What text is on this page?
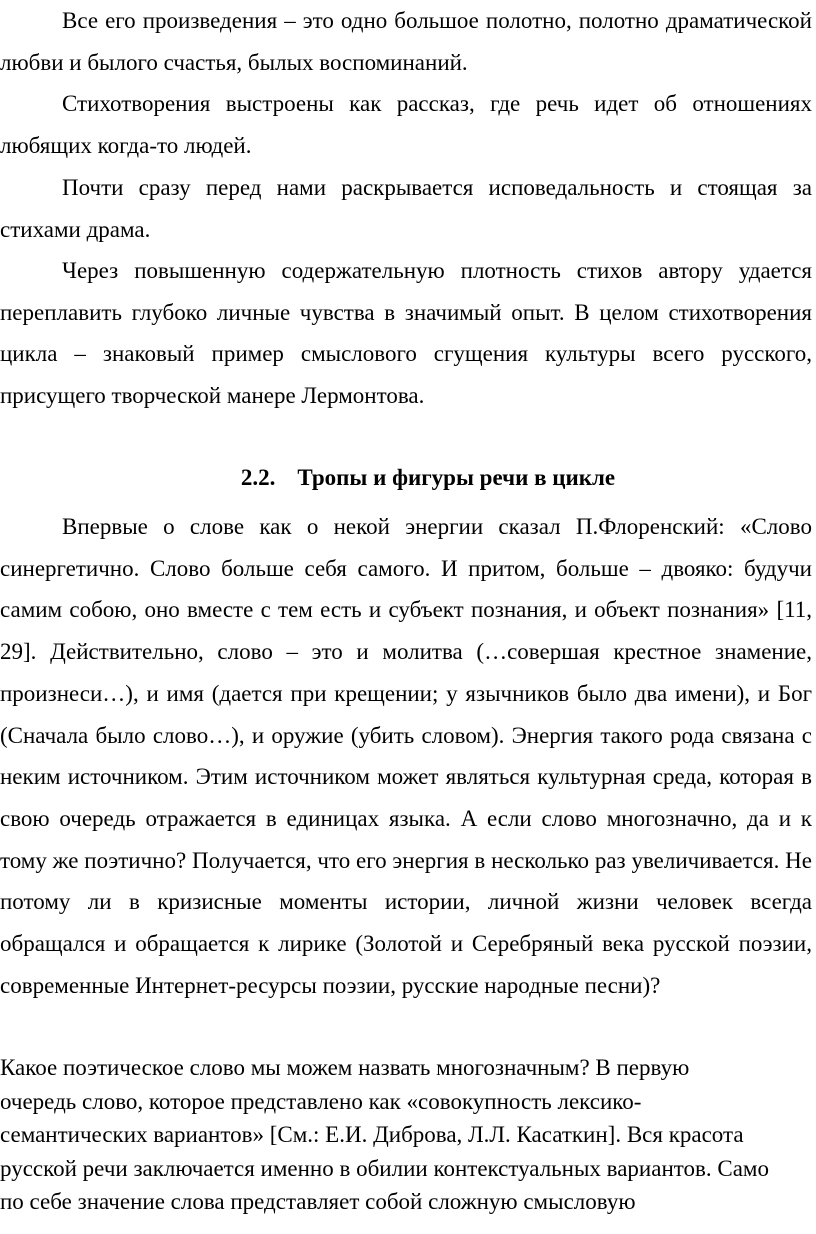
Все его произведения – это одно большое полотно, полотно драматической любви и былого счастья, былых воспоминаний.

Стихотворения выстроены как рассказ, где речь идет об отношениях любящих когда-то людей.

Почти сразу перед нами раскрывается исповедальность и стоящая за стихами драма.

Через повышенную содержательную плотность стихов автору удается переплавить глубоко личные чувства в значимый опыт. В целом стихотворения цикла – знаковый пример смыслового сгущения культуры всего русского, присущего творческой манере Лермонтова.

2.2. Тропы и фигуры речи в цикле

Впервые о слове как о некой энергии сказал П.Флоренский: «Слово синергетично. Слово больше себя самого. И притом, больше – двояко: будучи самим собою, оно вместе с тем есть и субъект познания, и объект познания» [11, 29]. Действительно, слово – это и молитва (…совершая крестное знамение, произнеси…), и имя (дается при крещении; у язычников было два имени), и Бог (Сначала было слово…), и оружие (убить словом). Энергия такого рода связана с неким источником. Этим источником может являться культурная среда, которая в свою очередь отражается в единицах языка. А если слово многозначно, да и к тому же поэтично? Получается, что его энергия в несколько раз увеличивается. Не потому ли в кризисные моменты истории, личной жизни человек всегда обращался и обращается к лирике (Золотой и Серебряный века русской поэзии, современные Интернет-ресурсы поэзии, русские народные песни)?

Какое поэтическое слово мы можем назвать многозначным? В первую очередь слово, которое представлено как «совокупность лексико-семантических вариантов» [См.: Е.И. Диброва, Л.Л. Касаткин]. Вся красота русской речи заключается именно в обилии контекстуальных вариантов. Само по себе значение слова представляет собой сложную смысловую
